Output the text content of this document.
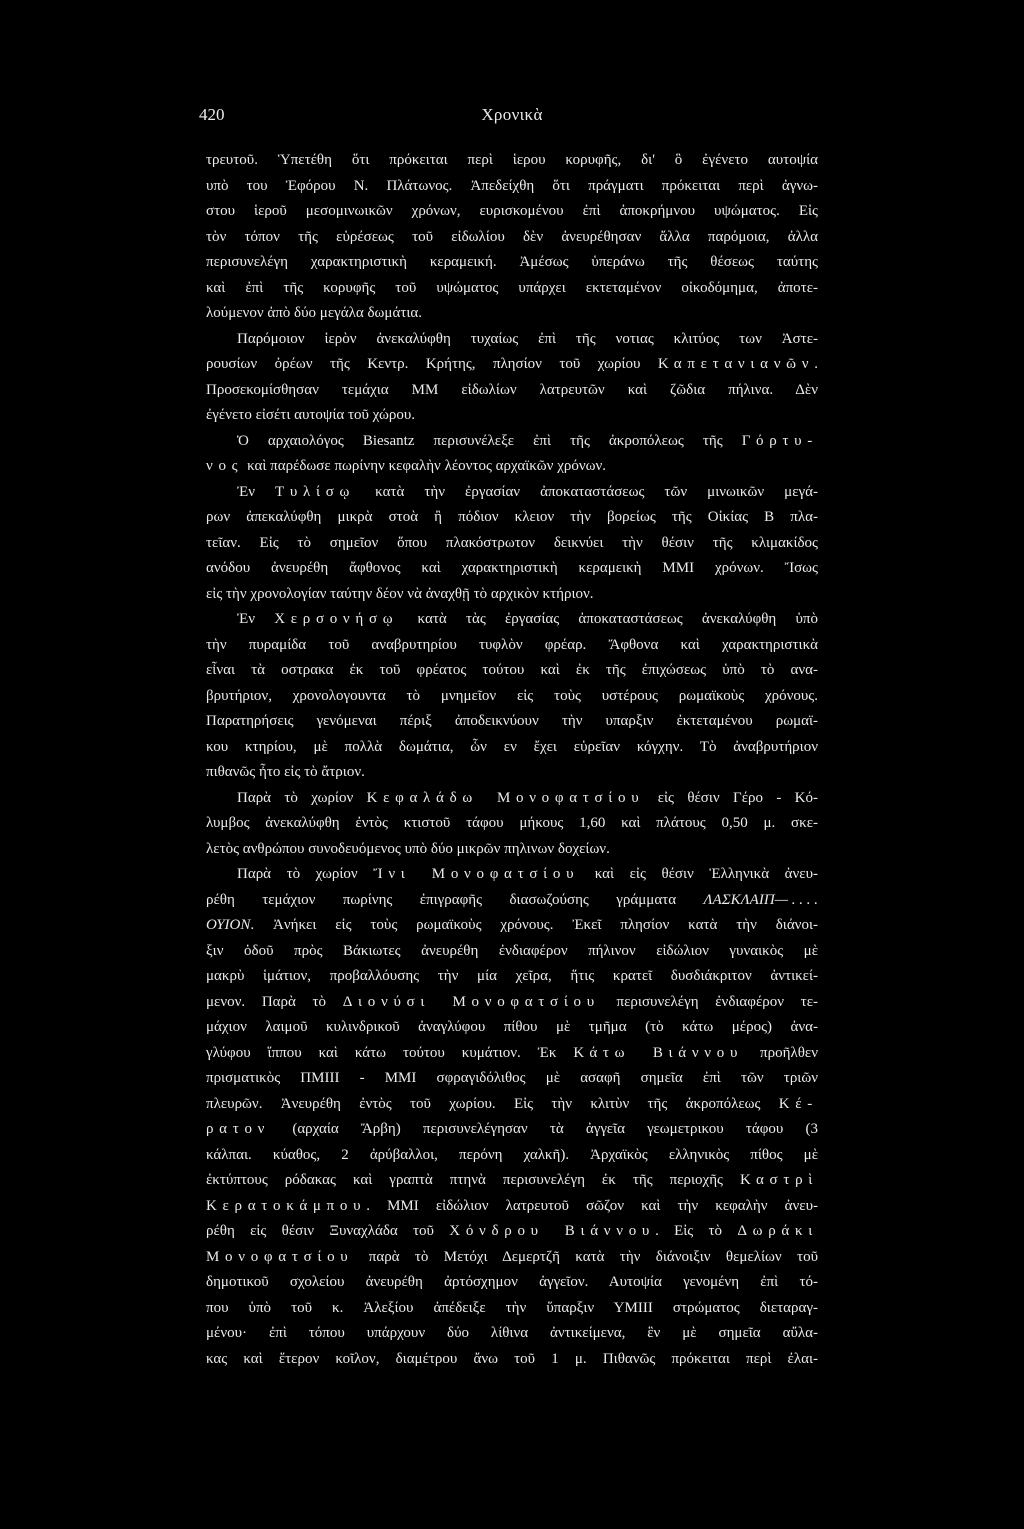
Χρονικὰ
420
τρευτοῦ. Ὑπετέθη ὅτι πρόκειται περὶ ἱερου κορυφῆς, δι' ὃ ἐγένετο αυτοψία
υπὸ του Ἐφόρου Ν. Πλάτωνος. Ἀπεδείχθη ὅτι πράγματι πρόκειται περὶ ἀγνω-
στου ἱεροῦ μεσομινωικῶν χρόνων, ευρισκομένου ἐπὶ ἀποκρήμνου υψώματος. Εἰς
τὸν τόπον τῆς εὑρέσεως τοῦ εἰδωλίου δὲν ἀνευρέθησαν ἄλλα παρόμοια, ἀλλα
περισυνελέγη χαρακτηριστικὴ κεραμεική. Ἀμέσως ὑπεράνω τῆς θέσεως ταύτης
καὶ ἐπὶ τῆς κορυφῆς τοῦ υψώματος υπάρχει εκτεταμένον οἰκοδόμημα, ἀποτε-
λούμενον ἀπὸ δύο μεγάλα δωμάτια.
Παρόμοιον ἱερὸν ἀνεκαλύφθη τυχαίως ἐπὶ τῆς νοτιας κλιτύος των Ἀστε-
ρουσίων ὀρέων τῆς Κεντρ. Κρήτης, πλησίον τοῦ χωρίου Καπετανιανῶν.
Προσεκομίσθησαν τεμάχια ΜΜ εἰδωλίων λατρευτῶν καὶ ζῶδια πήλινα. Δὲν
ἐγένετο εἰσέτι αυτοψία τοῦ χώρου.
Ὁ αρχαιολόγος Biesantz περισυνέλεξε ἐπὶ τῆς ἀκροπόλεως τῆς Γόρτυ-
νος καὶ παρέδωσε πωρίνην κεφαλὴν λέοντος αρχαϊκῶν χρόνων.
Ἐν Τυλίσῳ κατὰ τὴν ἐργασίαν ἀποκαταστάσεως τῶν μινωικῶν μεγά-
ρων ἀπεκαλύφθη μικρὰ στοὰ ἢ πόδιον κλειον τὴν βορείως τῆς Οἰκίας Β πλα-
τεῖαν. Εἰς τὸ σημεῖον ὅπου πλακόστρωτον δεικνύει τὴν θέσιν τῆς κλιμακίδος
ανόδου ἀνευρέθη ἄφθονος καὶ χαρακτηριστικὴ κεραμεικὴ ΜΜΙ χρόνων. Ἴσως
εἰς τὴν χρονολογίαν ταύτην δέον νὰ ἀναχθῇ τὸ αρχικὸν κτήριον.
Ἐν Χερσονήσῳ κατὰ τὰς ἐργασίας ἀποκαταστάσεως ἀνεκαλύφθη ὑπὸ
τὴν πυραμίδα τοῦ αναβρυτηρίου τυφλὸν φρέαρ. Ἄφθονα καὶ χαρακτηριστικὰ
εἶναι τὰ οστρακα ἐκ τοῦ φρέατος τούτου καὶ ἐκ τῆς ἐπιχώσεως ὑπὸ τὸ ανα-
βρυτήριον, χρονολογουντα τὸ μνημεῖον εἰς τοὺς υστέρους ρωμαϊκοὺς χρόνους.
Παρατηρήσεις γενόμεναι πέριξ ἀποδεικνύουν τὴν υπαρξιν ἐκτεταμένου ρωμαϊ-
κου κτηρίου, μὲ πολλὰ δωμάτια, ὧν εν ἔχει εὑρεῖαν κόγχην. Τὸ ἀναβρυτήριον
πιθανῶς ἦτο εἰς τὸ ἄτριον.
Παρὰ τὸ χωρίον Κεφαλάδω Μονοφατσίου εἰς θέσιν Γέρο - Κό-
λυμβος ἀνεκαλύφθη ἐντὸς κτιστοῦ τάφου μήκους 1,60 καὶ πλάτους 0,50 μ. σκε-
λετὸς ανθρώπου συνοδευόμενος υπὸ δύο μικρῶν πηλινων δοχείων.
Παρὰ τὸ χωρίον Ἴνι Μονοφατσίου καὶ εἰς θέσιν Ἑλληνικὰ ἀνευ-
ρέθη τεμάχιον πωρίνης ἐπιγραφῆς διασωζούσης γράμματα ΛΑΣΚΛΑΙΠ— . . . .
ΟΥΙΟΝ. Ἀνήκει εἰς τοὺς ρωμαϊκοὺς χρόνους. Ἐκεῖ πλησίον κατὰ τὴν διάνοι-
ξιν ὁδοῦ πρὸς Βάκιωτες ἀνευρέθη ἐνδιαφέρον πήλινον εἰδώλιον γυναικὸς μὲ
μακρὺ ἱμάτιον, προβαλλόυσης τὴν μία χεῖρα, ἥτις κρατεῖ δυσδιάκριτον ἀντικεί-
μενον. Παρὰ τὸ Διονύσι Μονοφατσίου περισυνελέγη ἐνδιαφέρον τε-
μάχιον λαιμοῦ κυλινδρικοῦ ἀναγλύφου πίθου μὲ τμῆμα (τὸ κάτω μέρος) ἀνα-
γλύφου ἵππου καὶ κάτω τούτου κυμάτιον. Ἐκ Κάτω Βιάννου προῆλθεν
πρισματικὸς ΠΜΙΙΙ - ΜΜΙ σφραγιδόλιθος μὲ ασαφῆ σημεῖα ἐπὶ τῶν τριῶν
πλευρῶν. Ἀνευρέθη ἐντὸς τοῦ χωρίου. Εἰς τὴν κλιτὺν τῆς ἀκροπόλεως Κέ-
ρατον (αρχαία Ἄρβη) περισυνελέγησαν τὰ ἀγγεῖα γεωμετρικου τάφου (3
κάλπαι. κύαθος, 2 ἀρύβαλλοι, περόνη χαλκῆ). Ἀρχαϊκὸς ελληνικὸς πίθος μὲ
ἐκτύπτους ρόδακας καὶ γραπτὰ πτηνὰ περισυνελέγη ἐκ τῆς περιοχῆς Καστρὶ
Κερατοκάμπου. ΜΜΙ εἰδώλιον λατρευτοῦ σῶζον καὶ τὴν κεφαλὴν ἀνευ-
ρέθη εἰς θέσιν Ξυναχλάδα τοῦ Χόνδρου Βιάννου. Εἰς τὸ Δωράκι
Μονοφατσίου παρὰ τὸ Μετόχι Δεμερτζῆ κατὰ τὴν διάνοιξιν θεμελίων τοῦ
δημοτικοῦ σχολείου ἀνευρέθη ἀρτόσχημον ἀγγεῖον. Αυτοψία γενομένη ἐπὶ τό-
που ὑπὸ τοῦ κ. Ἀλεξίου ἀπέδειξε τὴν ὕπαρξιν ΥΜΙΙΙ στρώματος διεταραγ-
μένου· ἐπὶ τόπου υπάρχουν δύο λίθινα ἀντικείμενα, ἓν μὲ σημεῖα αὔλα-
κας καὶ ἕτερον κοῖλον, διαμέτρου ἄνω τοῦ 1 μ. Πιθανῶς πρόκειται περὶ ἐλαι-
